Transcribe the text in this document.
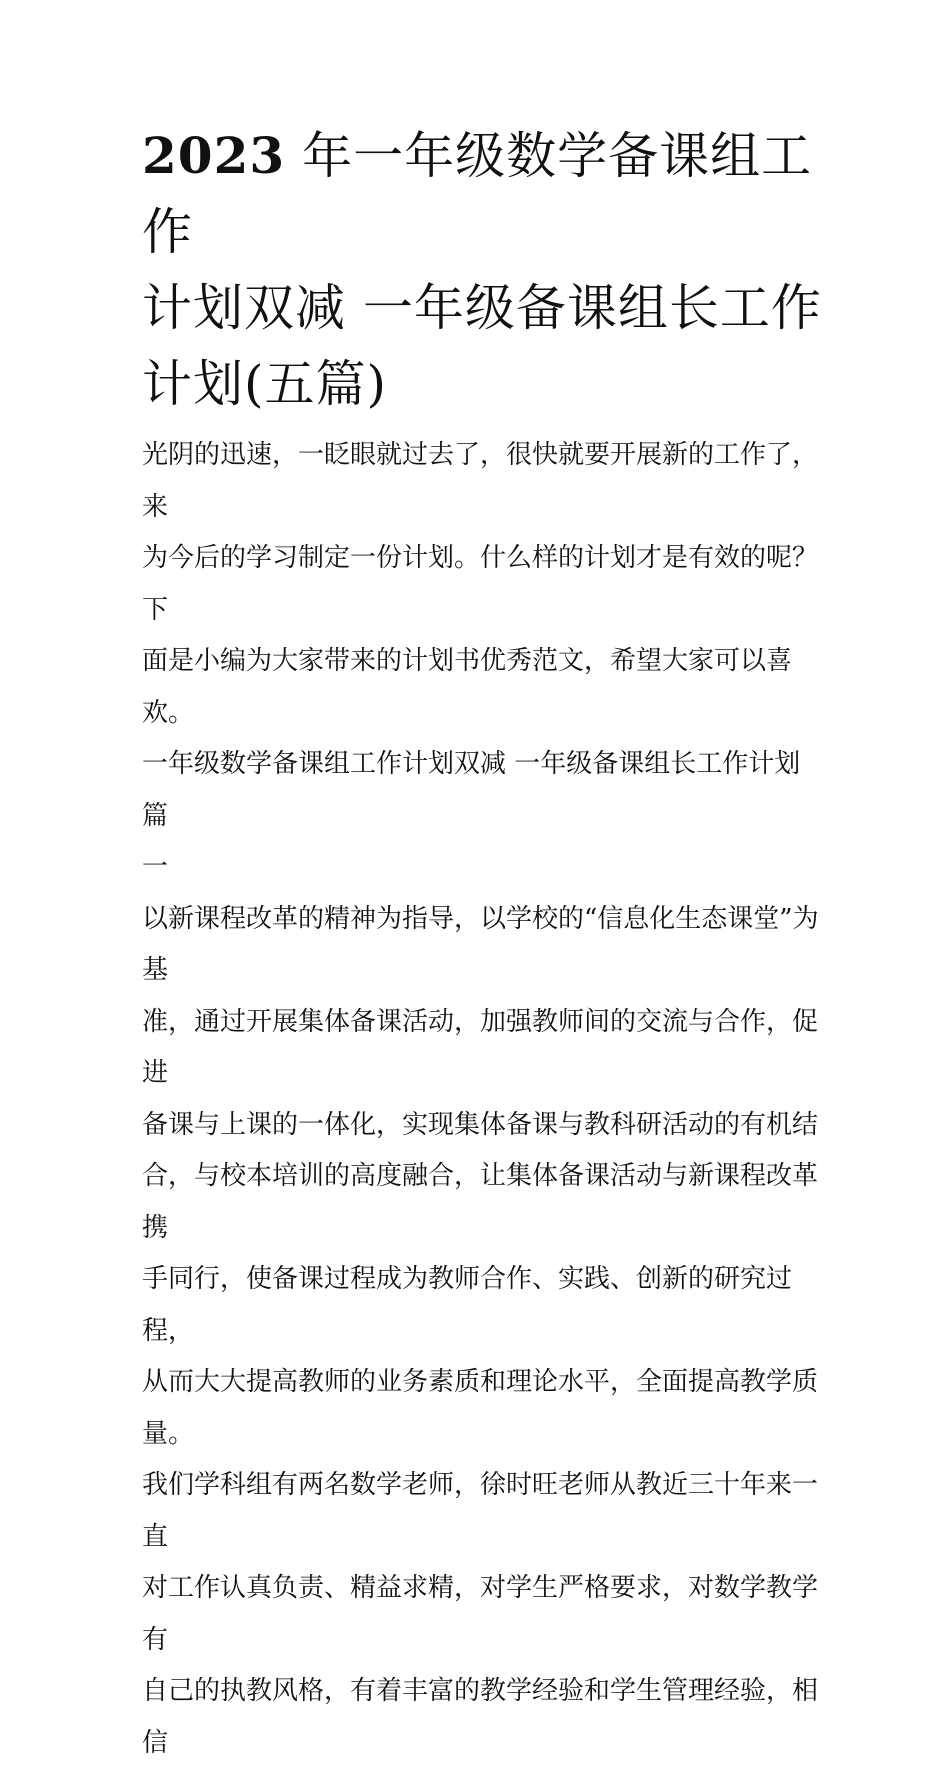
2023 年一年级数学备课组工作
计划双减 一年级备课组长工作
计划(五篇)

光阴的迅速，一眨眼就过去了，很快就要开展新的工作了，来
为今后的学习制定一份计划。什么样的计划才是有效的呢？下
面是小编为大家带来的计划书优秀范文，希望大家可以喜欢。

一年级数学备课组工作计划双减 一年级备课组长工作计划篇
一

以新课程改革的精神为指导，以学校的“信息化生态课堂”为基
准，通过开展集体备课活动，加强教师间的交流与合作，促进
备课与上课的一体化，实现集体备课与教科研活动的有机结
合，与校本培训的高度融合，让集体备课活动与新课程改革携
手同行，使备课过程成为教师合作、实践、创新的研究过程，
从而大大提高教师的业务素质和理论水平，全面提高教学质
量。

我们学科组有两名数学老师，徐时旺老师从教近三十年来一直
对工作认真负责、精益求精，对学生严格要求，对数学教学有
自己的执教风格，有着丰富的教学经验和学生管理经验，相信
